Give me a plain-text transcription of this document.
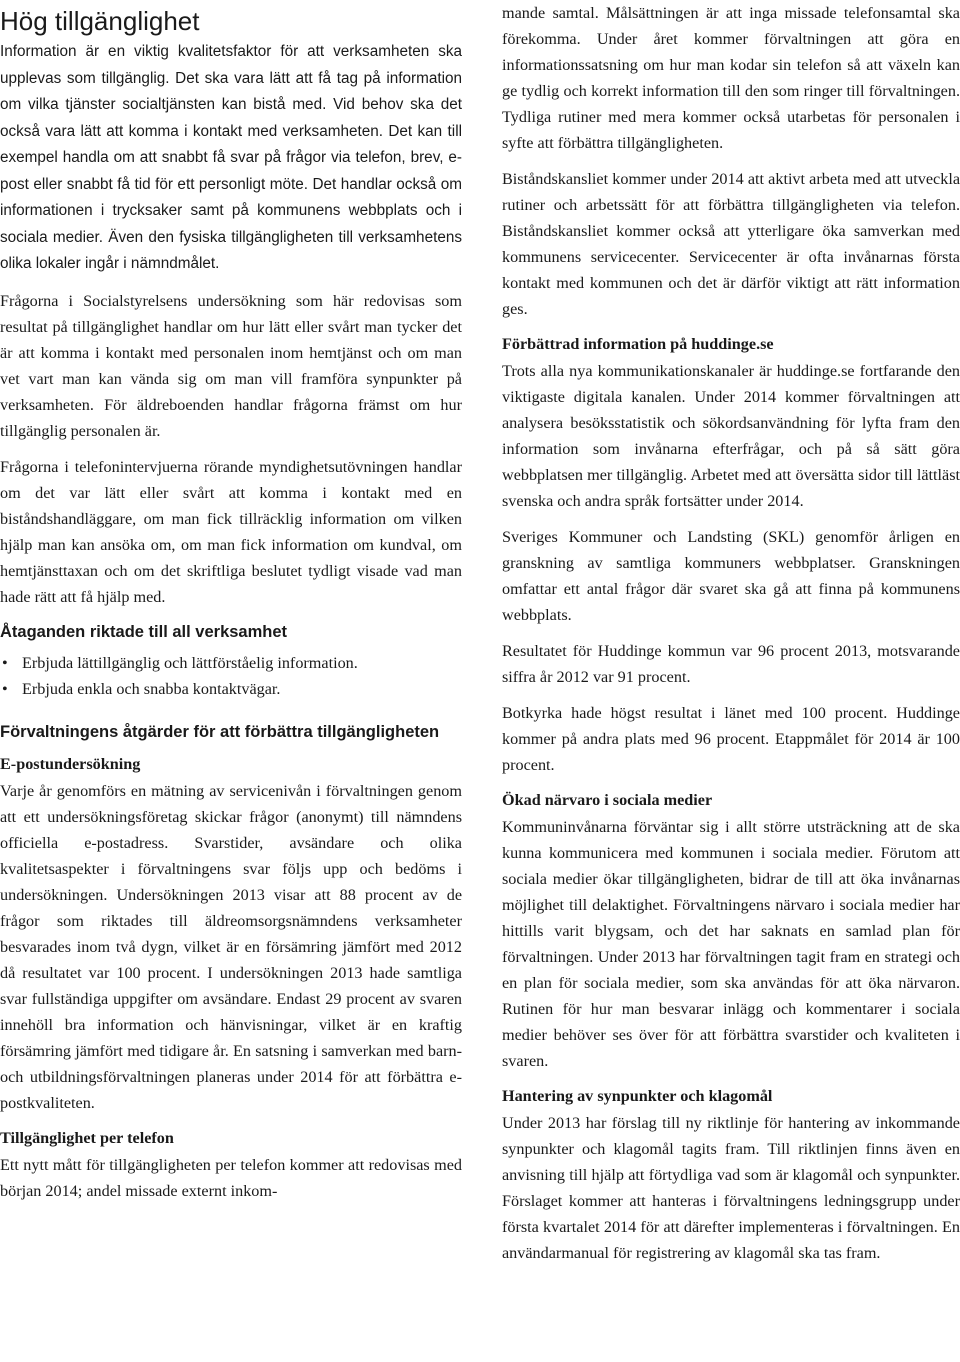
Hög tillgänglighet

Information är en viktig kvalitetsfaktor för att verksamheten ska upplevas som tillgänglig. Det ska vara lätt att få tag på information om vilka tjänster socialtjänsten kan bistå med. Vid behov ska det också vara lätt att komma i kontakt med verksamheten. Det kan till exempel handla om att snabbt få svar på frågor via telefon, brev, e-post eller snabbt få tid för ett personligt möte. Det handlar också om informationen i trycksaker samt på kommunens webbplats och i sociala medier. Även den fysiska tillgängligheten till verksamhetens olika lokaler ingår i nämndmålet.

Frågorna i Socialstyrelsens undersökning som här redovisas som resultat på tillgänglighet handlar om hur lätt eller svårt man tycker det är att komma i kontakt med personalen inom hemtjänst och om man vet vart man kan vända sig om man vill framföra synpunkter på verksamheten. För äldreboenden handlar frågorna främst om hur tillgänglig personalen är.

Frågorna i telefonintervjuerna rörande myndighetsutövningen handlar om det var lätt eller svårt att komma i kontakt med en biståndshandläggare, om man fick tillräcklig information om vilken hjälp man kan ansöka om, om man fick information om kundval, om hemtjänsttaxan och om det skriftliga beslutet tydligt visade vad man hade rätt att få hjälp med.

Åtaganden riktade till all verksamhet
• Erbjuda lättillgänglig och lättförståelig information.
• Erbjuda enkla och snabba kontaktvägar.
Förvaltningens åtgärder för att förbättra tillgängligheten
E-postundersökning

Varje år genomförs en mätning av servicenivån i förvaltningen genom att ett undersökningsföretag skickar frågor (anonymt) till nämndens officiella e-postadress. Svarstider, avsändare och olika kvalitetsaspekter i förvaltningens svar följs upp och bedöms i undersökningen. Undersökningen 2013 visar att 88 procent av de frågor som riktades till äldreomsorgsnämndens verksamheter besvarades inom två dygn, vilket är en försämring jämfört med 2012 då resultatet var 100 procent. I undersökningen 2013 hade samtliga svar fullständiga uppgifter om avsändare. Endast 29 procent av svaren innehöll bra information och hänvisningar, vilket är en kraftig försämring jämfört med tidigare år. En satsning i samverkan med barn- och utbildningsförvaltningen planeras under 2014 för att förbättra e-postkvaliteten.

Tillgänglighet per telefon

Ett nytt mått för tillgängligheten per telefon kommer att redovisas med början 2014; andel missade externt inkom-

mande samtal. Målsättningen är att inga missade telefonsamtal ska förekomma. Under året kommer förvaltningen att göra en informationssatsning om hur man kodar sin telefon så att växeln kan ge tydlig och korrekt information till den som ringer till förvaltningen. Tydliga rutiner med mera kommer också utarbetas för personalen i syfte att förbättra tillgängligheten.

Biståndskansliet kommer under 2014 att aktivt arbeta med att utveckla rutiner och arbetssätt för att förbättra tillgängligheten via telefon. Biståndskansliet kommer också att ytterligare öka samverkan med kommunens servicecenter. Servicecenter är ofta invånarnas första kontakt med kommunen och det är därför viktigt att rätt information ges.

Förbättrad information på huddinge.se

Trots alla nya kommunikationskanaler är huddinge.se fortfarande den viktigaste digitala kanalen. Under 2014 kommer förvaltningen att analysera besöksstatistik och sökordsanvändning för lyfta fram den information som invånarna efterfrågar, och på så sätt göra webbplatsen mer tillgänglig. Arbetet med att översätta sidor till lättläst svenska och andra språk fortsätter under 2014.

Sveriges Kommuner och Landsting (SKL) genomför årligen en granskning av samtliga kommuners webbplatser. Granskningen omfattar ett antal frågor där svaret ska gå att finna på kommunens webbplats.

Resultatet för Huddinge kommun var 96 procent 2013, motsvarande siffra år 2012 var 91 procent.

Botkyrka hade högst resultat i länet med 100 procent. Huddinge kommer på andra plats med 96 procent. Etappmålet för 2014 är 100 procent.

Ökad närvaro i sociala medier

Kommuninvånarna förväntar sig i allt större utsträckning att de ska kunna kommunicera med kommunen i sociala medier. Förutom att sociala medier ökar tillgängligheten, bidrar de till att öka invånarnas möjlighet till delaktighet. Förvaltningens närvaro i sociala medier har hittills varit blygsam, och det har saknats en samlad plan för förvaltningen. Under 2013 har förvaltningen tagit fram en strategi och en plan för sociala medier, som ska användas för att öka närvaron. Rutinen för hur man besvarar inlägg och kommentarer i sociala medier behöver ses över för att förbättra svarstider och kvaliteten i svaren.

Hantering av synpunkter och klagomål

Under 2013 har förslag till ny riktlinje för hantering av inkommande synpunkter och klagomål tagits fram. Till riktlinjen finns även en anvisning till hjälp att förtydliga vad som är klagomål och synpunkter. Förslaget kommer att hanteras i förvaltningens ledningsgrupp under första kvartalet 2014 för att därefter implementeras i förvaltningen. En användarmanual för registrering av klagomål ska tas fram.
